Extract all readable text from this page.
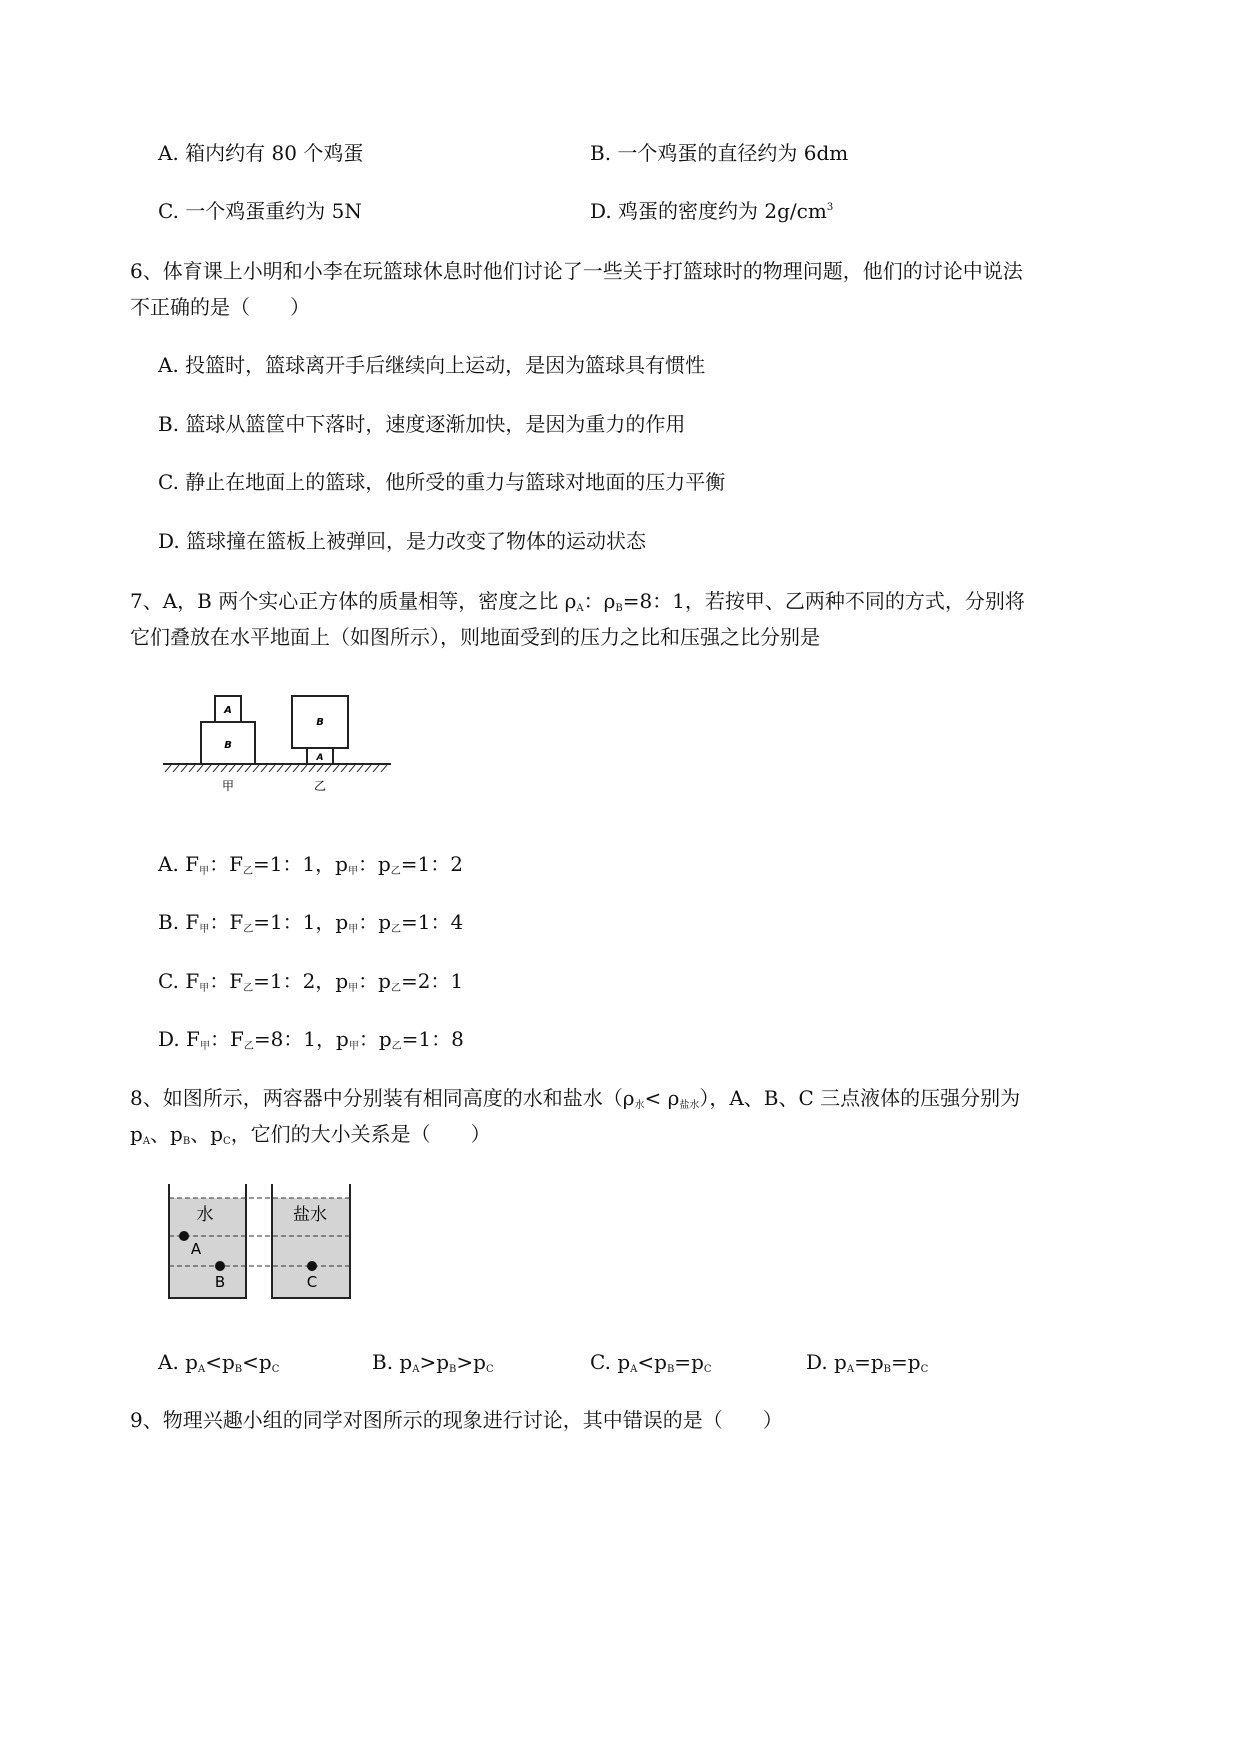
A. 箱内约有 80 个鸡蛋	B. 一个鸡蛋的直径约为 6dm
C. 一个鸡蛋重约为 5N	D. 鸡蛋的密度约为 $2g/cm^3$
6、体育课上小明和小李在玩篮球休息时他们讨论了一些关于打篮球时的物理问题，他们的讨论中说法
不正确的是（　　）
A. 投篮时，篮球离开手后继续向上运动，是因为篮球具有惯性
B. 篮球从篮筐中下落时，速度逐渐加快，是因为重力的作用
C. 静止在地面上的篮球，他所受的重力与篮球对地面的压力平衡
D. 篮球撞在篮板上被弹回，是力改变了物体的运动状态
7、A，B 两个实心正方体的质量相等，密度之比 $\rho_A$：$\rho_B=8$：1，若按甲、乙两种不同的方式，分别将
它们叠放在水平地面上（如图所示），则地面受到的压力之比和压强之比分别是
A
B
B
A
甲	乙
A. $F_甲$：$F_乙=1$：1，$p_甲$：$p_乙=1$：2
B. $F_甲$：$F_乙=1$：1，$p_甲$：$p_乙=1$：4
C. $F_甲$：$F_乙=1$：2，$p_甲$：$p_乙=2$：1
D. $F_甲$：$F_乙=8$：1，$p_甲$：$p_乙=1$：8
8、如图所示，两容器中分别装有相同高度的水和盐水$(\rho_水< \rho_{盐水})$，A、B、C 三点液体的压强分别为
$p_A$、$p_B$、$p_C$，它们的大小关系是（　　）
水	盐水
A
B	C
A. $p_A<p_B<p_C$	B. $p_A>p_B>p_C$	C. $p_A<p_B=p_C$	D. $p_A=p_B=p_C$
9、物理兴趣小组的同学对图所示的现象进行讨论，其中错误的是（　　）
